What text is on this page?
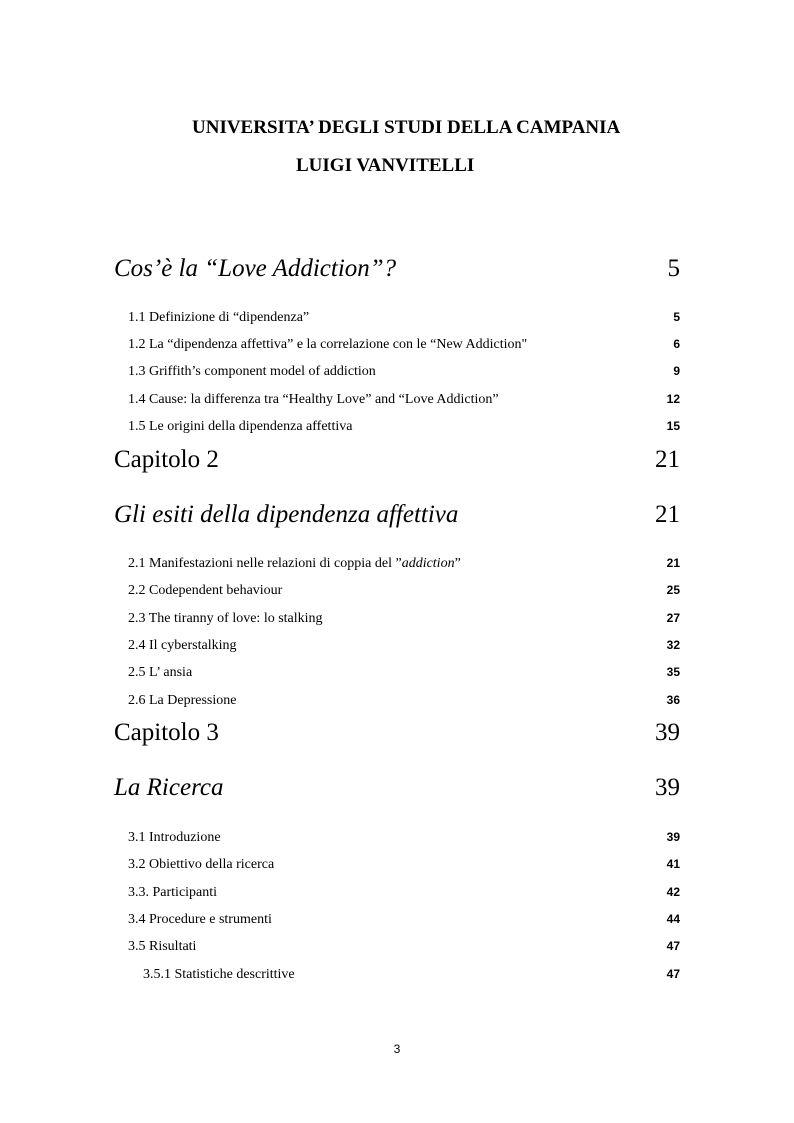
UNIVERSITA’ DEGLI STUDI DELLA CAMPANIA
LUIGI VANVITELLI
Cos’è la “Love Addiction”?	5
1.1 Definizione di “dipendenza”	5
1.2 La “dipendenza affettiva” e la correlazione con le “New Addiction"	6
1.3 Griffith’s component model of addiction	9
1.4 Cause: la differenza tra “Healthy Love” and “Love Addiction”	12
1.5 Le origini della dipendenza affettiva	15
Capitolo 2	21
Gli esiti della dipendenza affettiva	21
2.1 Manifestazioni nelle relazioni di coppia del ”addiction”	21
2.2 Codependent behaviour	25
2.3 The tiranny of love: lo stalking	27
2.4 Il cyberstalking	32
2.5 L’ ansia	35
2.6 La Depressione	36
Capitolo 3	39
La Ricerca	39
3.1 Introduzione	39
3.2 Obiettivo della ricerca	41
3.3. Participanti	42
3.4 Procedure e strumenti	44
3.5 Risultati	47
3.5.1 Statistiche descrittive	47
3
